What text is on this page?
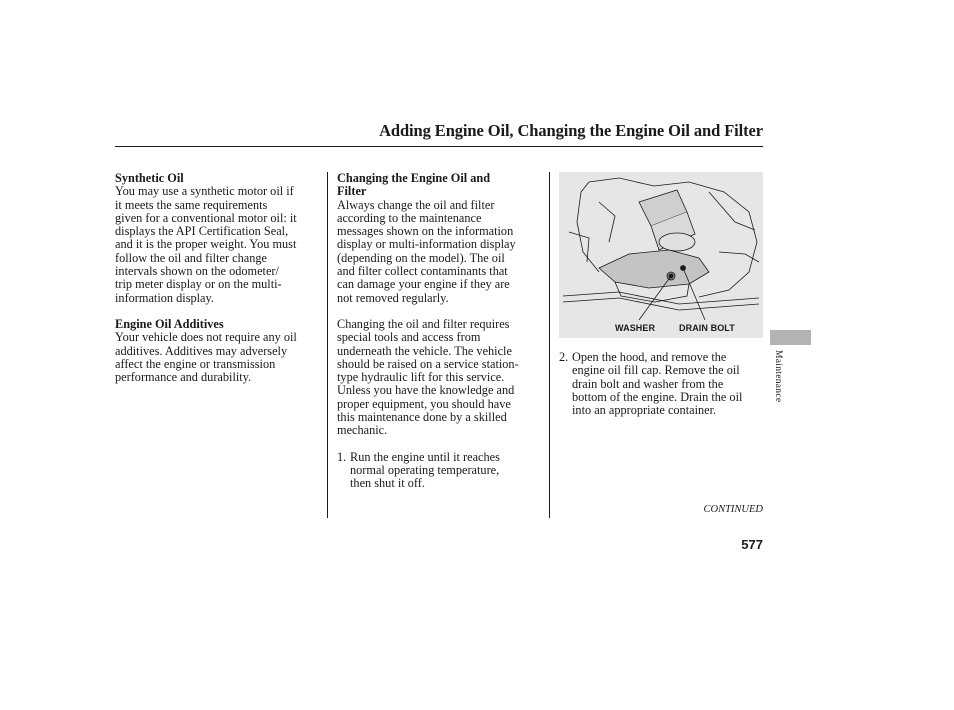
Adding Engine Oil, Changing the Engine Oil and Filter

Synthetic Oil

You may use a synthetic motor oil if
it meets the same requirements
given for a conventional motor oil: it
displays the API Certification Seal,
and it is the proper weight. You must
follow the oil and filter change
intervals shown on the odometer/
trip meter display or on the multi-
information display.

Engine Oil Additives

Your vehicle does not require any oil
additives. Additives may adversely
affect the engine or transmission
performance and durability.

Changing the Engine Oil and
Filter

Always change the oil and filter
according to the maintenance
messages shown on the information
display or multi-information display
(depending on the model). The oil
and filter collect contaminants that
can damage your engine if they are
not removed regularly.

Changing the oil and filter requires
special tools and access from
underneath the vehicle. The vehicle
should be raised on a service station-
type hydraulic lift for this service.
Unless you have the knowledge and
proper equipment, you should have
this maintenance done by a skilled
mechanic.

1. Run the engine until it reaches
normal operating temperature,
then shut it off.
WASHER	DRAIN BOLT
2. Open the hood, and remove the
engine oil fill cap. Remove the oil
drain bolt and washer from the
bottom of the engine. Drain the oil
into an appropriate container.
Maintenance
CONTINUED
577
